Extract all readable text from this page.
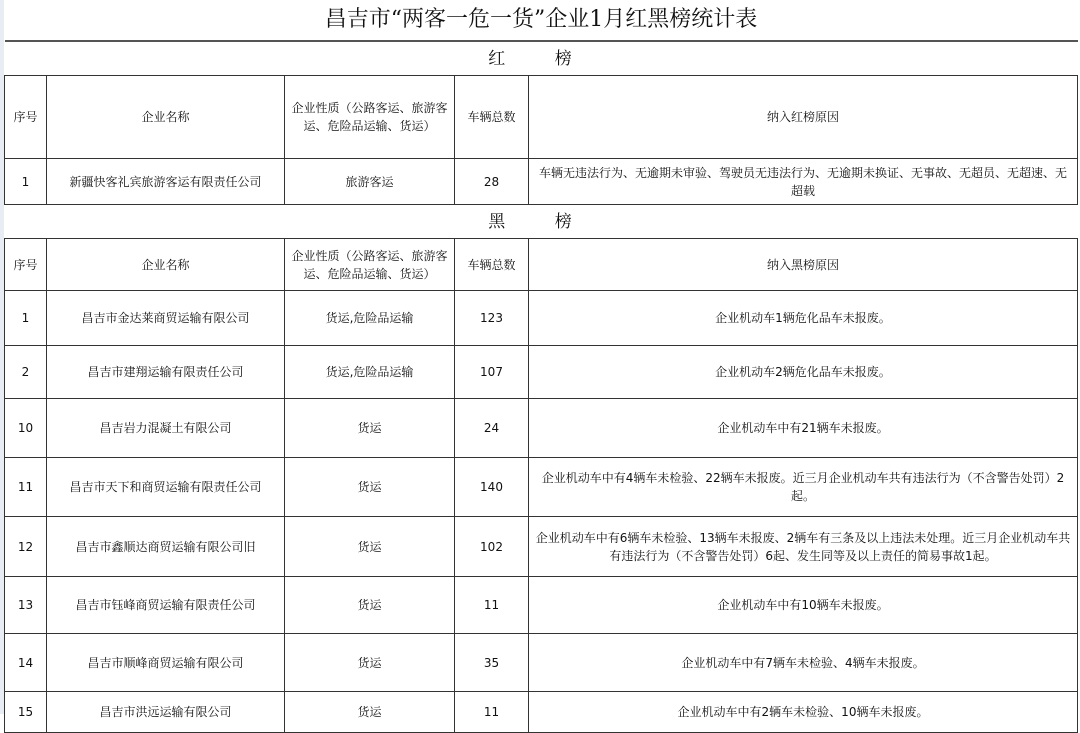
昌吉市“两客一危一货”企业1月红黑榜统计表				
红 榜				
序号	企业名称	企业性质（公路客运、旅游客运、危险品运输、货运）	车辆总数	纳入红榜原因
1	新疆快客礼宾旅游客运有限责任公司	旅游客运	28	车辆无违法行为、无逾期未审验、驾驶员无违法行为、无逾期未换证、无事故、无超员、无超速、无超载
黑 榜				
序号	企业名称	企业性质（公路客运、旅游客运、危险品运输、货运）	车辆总数	纳入黑榜原因
1	昌吉市金达莱商贸运输有限公司	货运,危险品运输	123	企业机动车1辆危化品车未报废。
2	昌吉市建翔运输有限责任公司	货运,危险品运输	107	企业机动车2辆危化品车未报废。
10	昌吉岩力混凝土有限公司	货运	24	企业机动车中有21辆车未报废。
11	昌吉市天下和商贸运输有限责任公司	货运	140	企业机动车中有4辆车未检验、22辆车未报废。近三月企业机动车共有违法行为（不含警告处罚）2起。
12	昌吉市鑫顺达商贸运输有限公司旧	货运	102	企业机动车中有6辆车未检验、13辆车未报废、2辆车有三条及以上违法未处理。近三月企业机动车共有违法行为（不含警告处罚）6起、发生同等及以上责任的简易事故1起。
13	昌吉市钰峰商贸运输有限责任公司	货运	11	企业机动车中有10辆车未报废。
14	昌吉市顺峰商贸运输有限公司	货运	35	企业机动车中有7辆车未检验、4辆车未报废。
15	昌吉市洪远运输有限公司	货运	11	企业机动车中有2辆车未检验、10辆车未报废。
